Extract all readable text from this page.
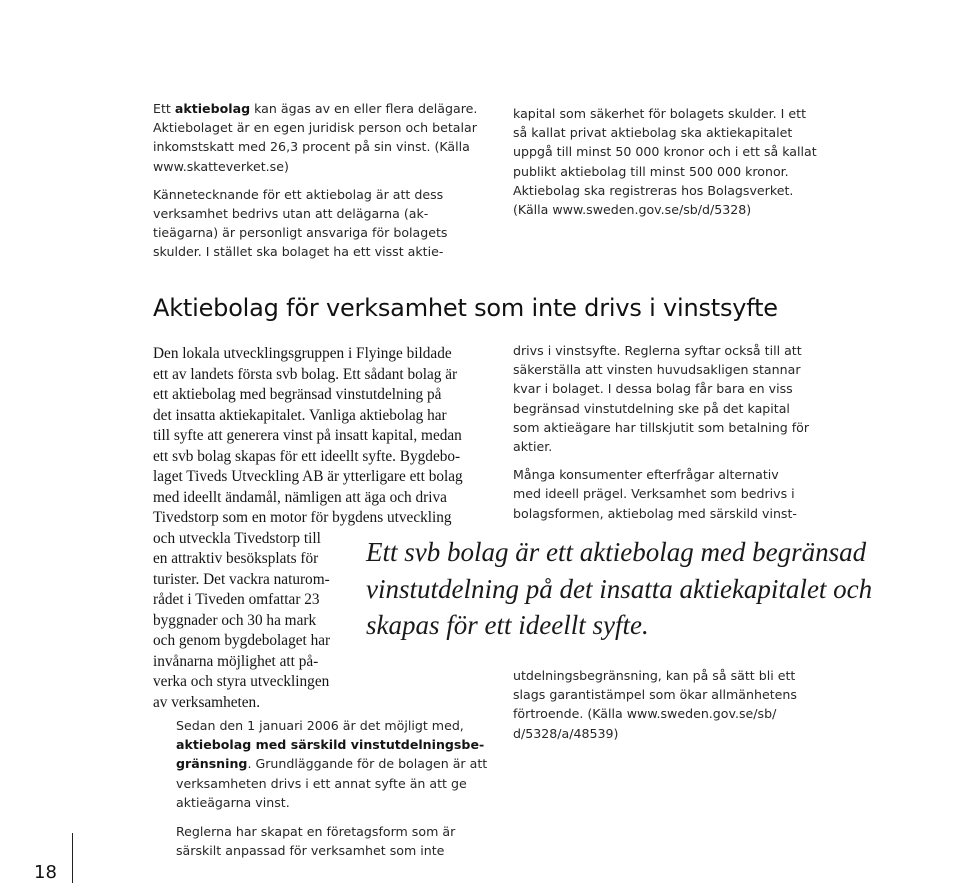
Ett aktiebolag kan ägas av en eller flera delägare.
Aktiebolaget är en egen juridisk person och betalar
inkomstskatt med 26,3 procent på sin vinst. (Källa
www.skatteverket.se)
Kännetecknande för ett aktiebolag är att dess
verksamhet bedrivs utan att delägarna (ak-
tieägarna) är personligt ansvariga för bolagets
skulder. I stället ska bolaget ha ett visst aktie-
kapital som säkerhet för bolagets skulder. I ett
så kallat privat aktiebolag ska aktiekapitalet
uppgå till minst 50 000 kronor och i ett så kallat
publikt aktiebolag till minst 500 000 kronor.
Aktiebolag ska registreras hos Bolagsverket.
(Källa www.sweden.gov.se/sb/d/5328)
Aktiebolag för verksamhet som inte drivs i vinstsyfte
Den lokala utvecklingsgruppen i Flyinge bildade
ett av landets första svb bolag. Ett sådant bolag är
ett aktiebolag med begränsad vinstutdelning på
det insatta aktiekapitalet. Vanliga aktiebolag har
till syfte att generera vinst på insatt kapital, medan
ett svb bolag skapas för ett ideellt syfte. Bygdebo-
laget Tiveds Utveckling AB är ytterligare ett bolag
med ideellt ändamål, nämligen att äga och driva
Tivedstorp som en motor för bygdens utveckling
och utveckla Tivedstorp till
en attraktiv besöksplats för
turister. Det vackra naturom-
rådet i Tiveden omfattar 23
byggnader och 30 ha mark
och genom bygdebolaget har
invånarna möjlighet att på-
verka och styra utvecklingen
av verksamheten.
drivs i vinstsyfte. Reglerna syftar också till att
säkerställa att vinsten huvudsakligen stannar
kvar i bolaget. I dessa bolag får bara en viss
begränsad vinstutdelning ske på det kapital
som aktieägare har tillskjutit som betalning för
aktier.
Många konsumenter efterfrågar alternativ
med ideell prägel. Verksamhet som bedrivs i
bolagsformen, aktiebolag med särskild vinst-
Ett svb bolag är ett aktiebolag med begränsad
vinstutdelning på det insatta aktiekapitalet och
skapas för ett ideellt syfte.
utdelningsbegränsning, kan på så sätt bli ett
slags garantistämpel som ökar allmänhetens
förtroende. (Källa www.sweden.gov.se/sb/
d/5328/a/48539)
Sedan den 1 januari 2006 är det möjligt med,
aktiebolag med särskild vinstutdelningsbe-
gränsning. Grundläggande för de bolagen är att
verksamheten drivs i ett annat syfte än att ge
aktieägarna vinst.
Reglerna har skapat en företagsform som är
särskilt anpassad för verksamhet som inte
18
